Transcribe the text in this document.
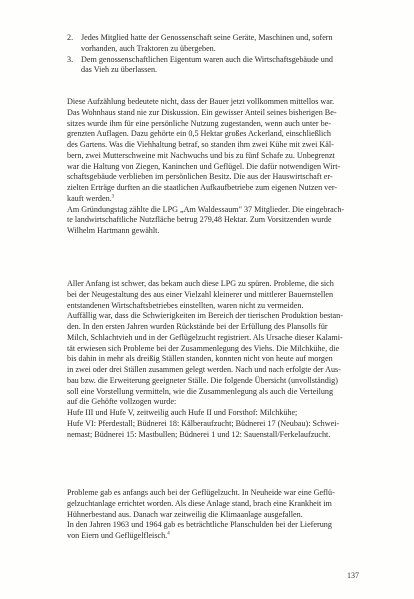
2. Jedes Mitglied hatte der Genossenschaft seine Geräte, Maschinen und, sofern
vorhanden, auch Traktoren zu übergeben.
3. Dem genossenschaftlichen Eigentum waren auch die Wirtschaftsgebäude und
das Vieh zu überlassen.
Diese Aufzählung bedeutete nicht, dass der Bauer jetzt vollkommen mittellos war.
Das Wohnhaus stand nie zur Diskussion. Ein gewisser Anteil seines bisherigen Be-
sitzes wurde ihm für eine persönliche Nutzung zugestanden, wenn auch unter be-
grenzten Auflagen. Dazu gehörte ein 0,5 Hektar großes Ackerland, einschließlich
des Gartens. Was die Viehhaltung betraf, so standen ihm zwei Kühe mit zwei Käl-
bern, zwei Mutterschweine mit Nachwuchs und bis zu fünf Schafe zu. Unbegrenzt
war die Haltung von Ziegen, Kaninchen und Geflügel. Die dafür notwendigen Wirt-
schaftsgebäude verblieben im persönlichen Besitz. Die aus der Hauswirtschaft er-
zielten Erträge durften an die staatlichen Aufkaufbetriebe zum eigenen Nutzen ver-
kauft werden.$^3$
Am Gründungstag zählte die LPG „Am Waldessaum" 37 Mitglieder. Die eingebrach-
te landwirtschaftliche Nutzfläche betrug 279,48 Hektar. Zum Vorsitzenden wurde
Wilhelm Hartmann gewählt.
Aller Anfang ist schwer, das bekam auch diese LPG zu spüren. Probleme, die sich
bei der Neugestaltung des aus einer Vielzahl kleinerer und mittlerer Bauernstellen
entstandenen Wirtschaftsbetriebes einstellten, waren nicht zu vermeiden.
Auffällig war, dass die Schwierigkeiten im Bereich der tierischen Produktion bestan-
den. In den ersten Jahren wurden Rückstände bei der Erfüllung des Plansolls für
Milch, Schlachtvieh und in der Geflügelzucht registriert. Als Ursache dieser Kalami-
tät erwiesen sich Probleme bei der Zusammenlegung des Viehs. Die Milchkühe, die
bis dahin in mehr als dreißig Ställen standen, konnten nicht von heute auf morgen
in zwei oder drei Ställen zusammen gelegt werden. Nach und nach erfolgte der Aus-
bau bzw. die Erweiterung geeigneter Ställe. Die folgende Übersicht (unvollständig)
soll eine Vorstellung vermitteln, wie die Zusammenlegung als auch die Verteilung
auf die Gehöfte vollzogen wurde:
Hufe III und Hufe V, zeitweilig auch Hufe II und Forsthof: Milchkühe;
Hufe VI: Pferdestall; Büdnerei 18: Kälberaufzucht; Büdnerei 17 (Neubau): Schwei-
nemast; Büdnerei 15: Mastbullen; Büdnerei 1 und 12: Sauenstall/Ferkelaufzucht.
Probleme gab es anfangs auch bei der Geflügelzucht. In Neuheide war eine Geflü-
gelzuchtanlage errichtet worden. Als diese Anlage stand, brach eine Krankheit im
Hühnerbestand aus. Danach war zeitweilig die Klimaanlage ausgefallen.
In den Jahren 1963 und 1964 gab es beträchtliche Planschulden bei der Lieferung
von Eiern und Geflügelfleisch.$^4$
137
